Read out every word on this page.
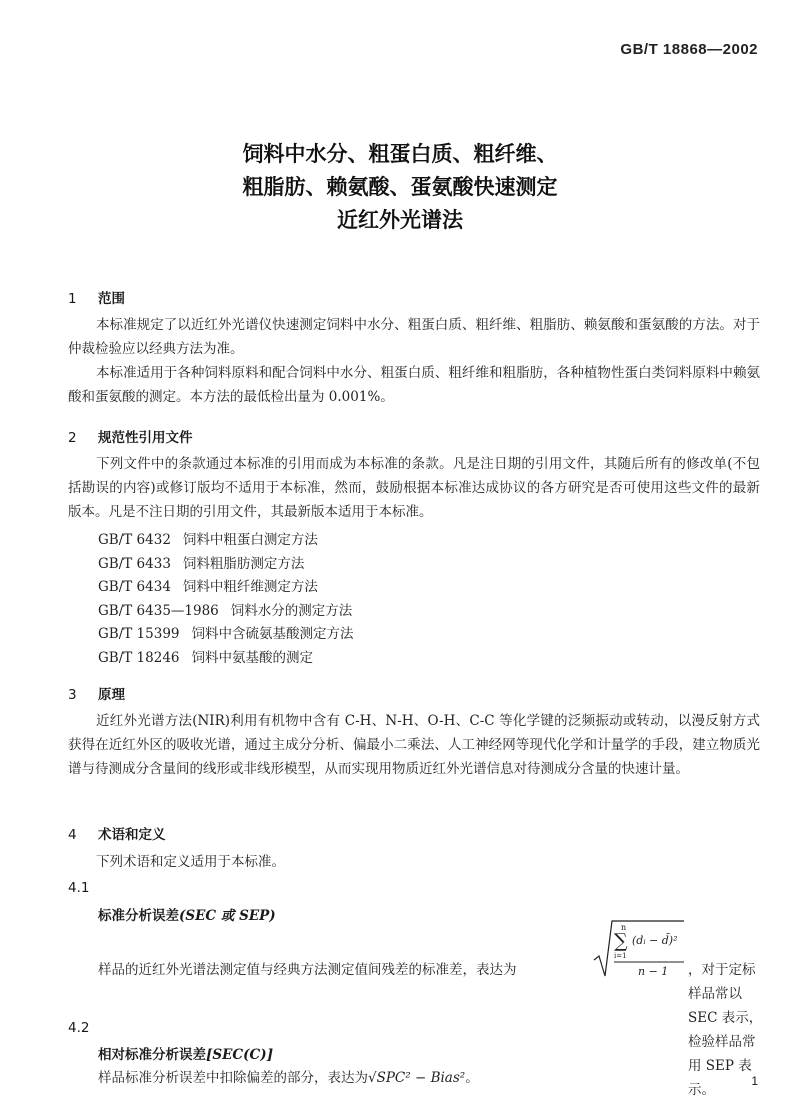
GB/T 18868—2002
饲料中水分、粗蛋白质、粗纤维、
粗脂肪、赖氨酸、蛋氨酸快速测定
近红外光谱法
1 范围
本标准规定了以近红外光谱仪快速测定饲料中水分、粗蛋白质、粗纤维、粗脂肪、赖氨酸和蛋氨酸的方法。对于仲裁检验应以经典方法为准。
本标准适用于各种饲料原料和配合饲料中水分、粗蛋白质、粗纤维和粗脂肪，各种植物性蛋白类饲料原料中赖氨酸和蛋氨酸的测定。本方法的最低检出量为 0.001%。
2 规范性引用文件
下列文件中的条款通过本标准的引用而成为本标准的条款。凡是注日期的引用文件，其随后所有的修改单(不包括勘误的内容)或修订版均不适用于本标准，然而，鼓励根据本标准达成协议的各方研究是否可使用这些文件的最新版本。凡是不注日期的引用文件，其最新版本适用于本标准。
GB/T 6432 饲料中粗蛋白测定方法
GB/T 6433 饲料粗脂肪测定方法
GB/T 6434 饲料中粗纤维测定方法
GB/T 6435—1986 饲料水分的测定方法
GB/T 15399 饲料中含硫氨基酸测定方法
GB/T 18246 饲料中氨基酸的测定
3 原理
近红外光谱方法(NIR)利用有机物中含有 C-H、N-H、O-H、C-C 等化学键的泛频振动或转动，以漫反射方式获得在近红外区的吸收光谱，通过主成分分析、偏最小二乘法、人工神经网等现代化学和计量学的手段，建立物质光谱与待测成分含量间的线形或非线形模型，从而实现用物质近红外光谱信息对待测成分含量的快速计量。
4 术语和定义
下列术语和定义适用于本标准。
4.1
标准分析误差(SEC 或 SEP)
样品的近红外光谱法测定值与经典方法测定值间残差的标准差，表达为
n
∑
i=1
(dᵢ − d̄)²
n − 1 ，对于定标样品常以 SEC 表示，检验样品常用 SEP 表示。
4.2
相对标准分析误差[SEC(C)]
样品标准分析误差中扣除偏差的部分，表达为√SPC² − Bias²。	1
